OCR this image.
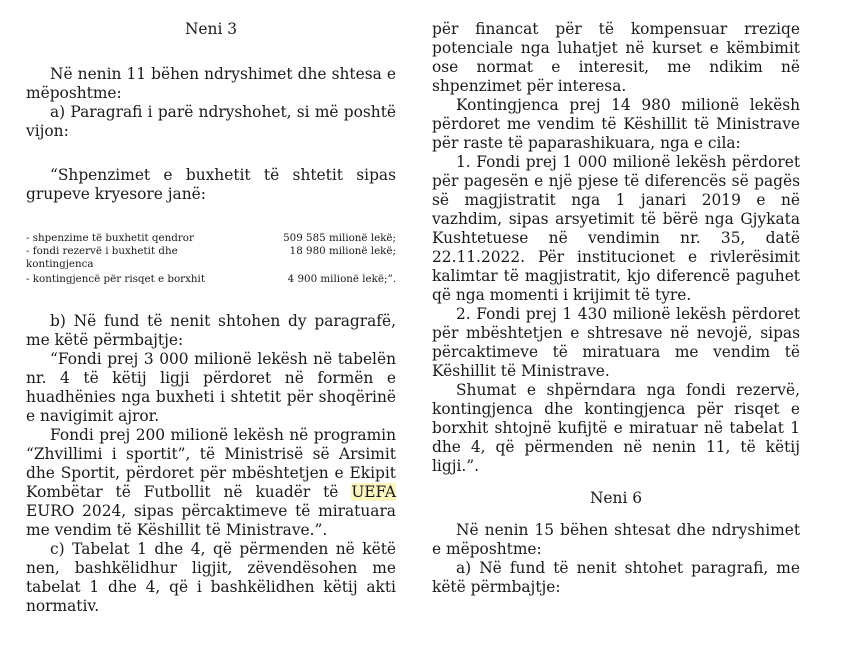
Neni 3

Në nenin 11 bëhen ndryshimet dhe shtesa e mëposhtme:

a) Paragrafi i parë ndryshohet, si më poshtë vijon:

“Shpenzimet e buxhetit të shtetit sipas grupeve kryesore janë:

- shpenzime të buxhetit qendror	509 585 milionë lekë;
- fondi rezervë i buxhetit dhe kontingjenca	18 980 milionë lekë;
- kontingjencë për risqet e borxhit	4 900 milionë lekë;”.

b) Në fund të nenit shtohen dy paragrafë, me këtë përmbajtje:

“Fondi prej 3 000 milionë lekësh në tabelën nr. 4 të këtij ligji përdoret në formën e huadhënies nga buxheti i shtetit për shoqërinë e navigimit ajror.

Fondi prej 200 milionë lekësh në programin “Zhvillimi i sportit”, të Ministrisë së Arsimit dhe Sportit, përdoret për mbështetjen e Ekipit Kombëtar të Futbollit në kuadër të UEFA EURO 2024, sipas përcaktimeve të miratuara me vendim të Këshillit të Ministrave.”.

c) Tabelat 1 dhe 4, që përmenden në këtë nen, bashkëlidhur ligjit, zëvendësohen me tabelat 1 dhe 4, që i bashkëlidhen këtij akti normativ.

për financat për të kompensuar rreziqe potenciale nga luhatjet në kurset e këmbimit ose normat e interesit, me ndikim në shpenzimet për interesa.

Kontingjenca prej 14 980 milionë lekësh përdoret me vendim të Këshillit të Ministrave për raste të paparashikuara, nga e cila:

1. Fondi prej 1 000 milionë lekësh përdoret për pagesën e një pjese të diferencës së pagës së magjistratit nga 1 janari 2019 e në vazhdim, sipas arsyetimit të bërë nga Gjykata Kushtetuese në vendimin nr. 35, datë 22.11.2022. Për institucionet e rivlerësimit kalimtar të magjistratit, kjo diferencë paguhet që nga momenti i krijimit të tyre.

2. Fondi prej 1 430 milionë lekësh përdoret për mbështetjen e shtresave në nevojë, sipas përcaktimeve të miratuara me vendim të Këshillit të Ministrave.

Shumat e shpërndara nga fondi rezervë, kontingjenca dhe kontingjenca për risqet e borxhit shtojnë kufijtë e miratuar në tabelat 1 dhe 4, që përmenden në nenin 11, të këtij ligji.”.

Neni 6

Në nenin 15 bëhen shtesat dhe ndryshimet e mëposhtme:

a) Në fund të nenit shtohet paragrafi, me këtë përmbajtje:
